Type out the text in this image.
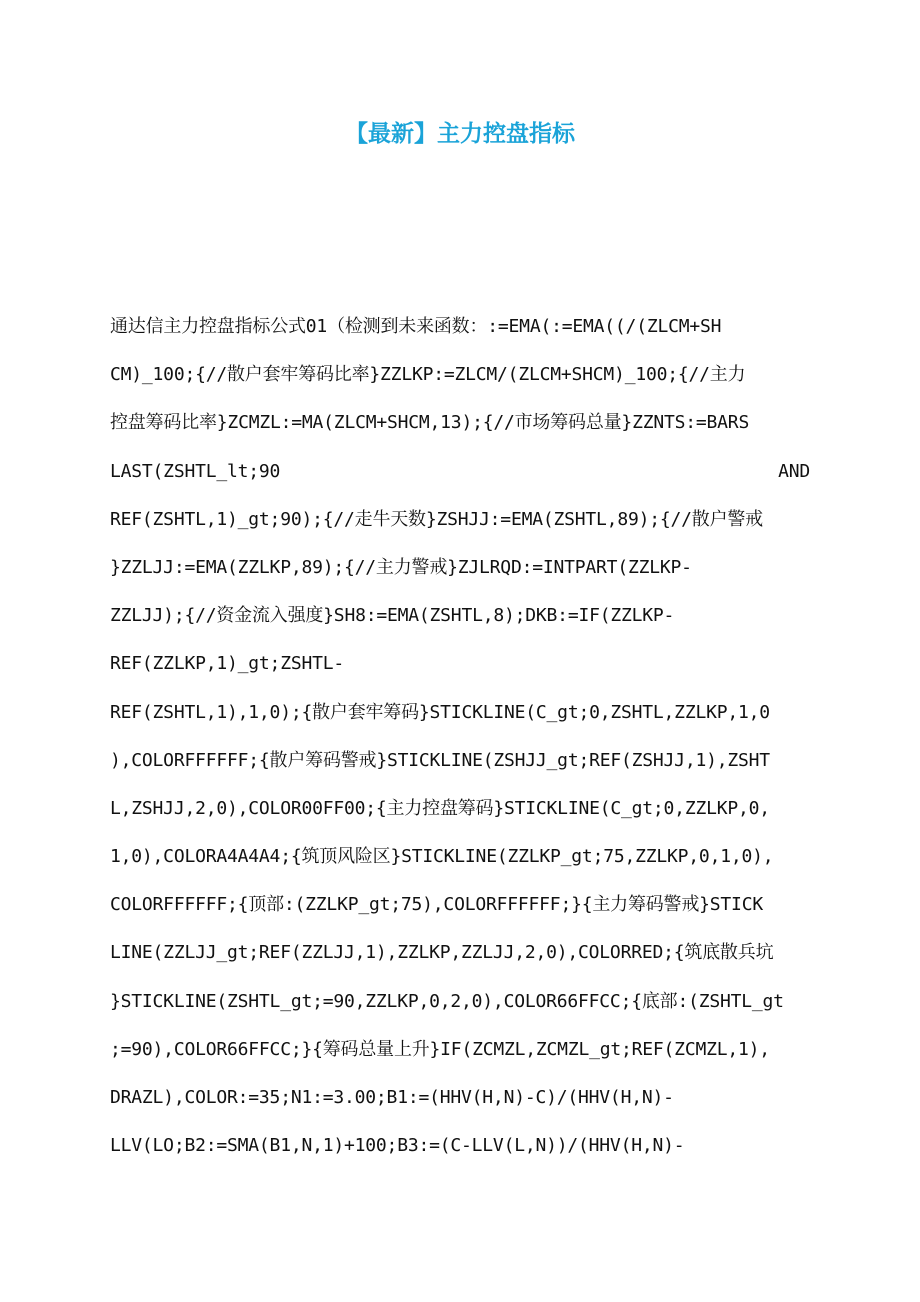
【最新】主力控盘指标
通达信主力控盘指标公式01（检测到未来函数：:=EMA(:=EMA((/(ZLCM+SH
CM)_100;{//散户套牢筹码比率}ZZLKP:=ZLCM/(ZLCM+SHCM)_100;{//主力
控盘筹码比率}ZCMZL:=MA(ZLCM+SHCM,13);{//市场筹码总量}ZZNTS:=BARS
LAST(ZSHTL_lt;90	AND
REF(ZSHTL,1)_gt;90);{//走牛天数}ZSHJJ:=EMA(ZSHTL,89);{//散户警戒
}ZZLJJ:=EMA(ZZLKP,89);{//主力警戒}ZJLRQD:=INTPART(ZZLKP-
ZZLJJ);{//资金流入强度}SH8:=EMA(ZSHTL,8);DKB:=IF(ZZLKP-
REF(ZZLKP,1)_gt;ZSHTL-
REF(ZSHTL,1),1,0);{散户套牢筹码}STICKLINE(C_gt;0,ZSHTL,ZZLKP,1,0
),COLORFFFFFF;{散户筹码警戒}STICKLINE(ZSHJJ_gt;REF(ZSHJJ,1),ZSHT
L,ZSHJJ,2,0),COLOR00FF00;{主力控盘筹码}STICKLINE(C_gt;0,ZZLKP,0,
1,0),COLORA4A4A4;{筑顶风险区}STICKLINE(ZZLKP_gt;75,ZZLKP,0,1,0),
COLORFFFFFF;{顶部:(ZZLKP_gt;75),COLORFFFFFF;}{主力筹码警戒}STICK
LINE(ZZLJJ_gt;REF(ZZLJJ,1),ZZLKP,ZZLJJ,2,0),COLORRED;{筑底散兵坑
}STICKLINE(ZSHTL_gt;=90,ZZLKP,0,2,0),COLOR66FFCC;{底部:(ZSHTL_gt
;=90),COLOR66FFCC;}{筹码总量上升}IF(ZCMZL,ZCMZL_gt;REF(ZCMZL,1),
DRAZL),COLOR:=35;N1:=3.00;B1:=(HHV(H,N)-C)/(HHV(H,N)-
LLV(LO;B2:=SMA(B1,N,1)+100;B3:=(C-LLV(L,N))/(HHV(H,N)-
